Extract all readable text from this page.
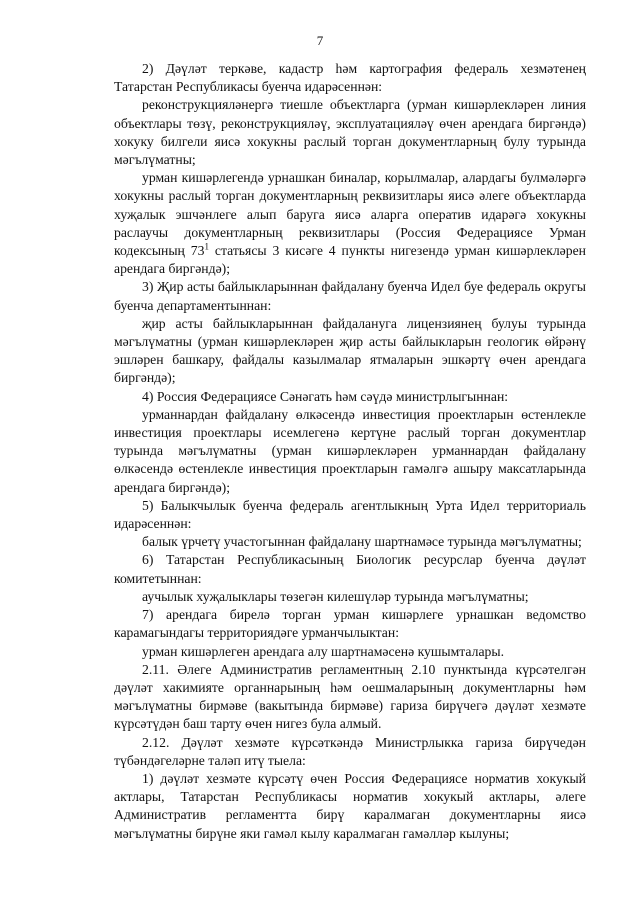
7

2) Дәүләт теркәве, кадастр һәм картография федераль хезмәтенең Татарстан Республикасы буенча идарәсеннән:

реконструкцияләнергә тиешле объектларга (урман кишәрлекләрен линия объектлары төзү, реконструкцияләү, эксплуатацияләү өчен арендага биргәндә) хокуку билгели яисә хокукны раслый торган документларның булу турында мәгълүматны;

урман кишәрлегендә урнашкан биналар, корылмалар, алардагы булмәләргә хокукны раслый торган документларның реквизитлары яисә әлеге объектларда хуҗалык эшчәнлеге алып баруга яисә аларга оператив идарәгә хокукны раслаучы документларның реквизитлары (Россия Федерациясе Урман кодексының $73^1$ статьясы 3 кисәге 4 пункты нигезендә урман кишәрлекләрен арендага биргәндә);

3) Җир асты байлыкларыннан файдалану буенча Идел буе федераль округы буенча департаментыннан:

җир асты байлыкларыннан файдалануга лицензиянең булуы турында мәгълүматны (урман кишәрлекләрен җир асты байлыкларын геологик өйрәнү эшләрен башкару, файдалы казылмалар ятмаларын эшкәртү өчен арендага биргәндә);

4) Россия Федерациясе Сәнәгать һәм сәүдә министрлыгыннан:

урманнардан файдалану өлкәсендә инвестиция проектларын өстенлекле инвестиция проектлары исемлегенә кертүне раслый торган документлар турында мәгълүматны (урман кишәрлекләрен урманнардан файдалану өлкәсендә өстенлекле инвестиция проектларын гамәлгә ашыру максатларында арендага биргәндә);

5) Балыкчылык буенча федераль агентлыкның Урта Идел территориаль идарәсеннән:

балык үрчетү участогыннан файдалану шартнамәсе турында мәгълүматны;

6) Татарстан Республикасының Биологик ресурслар буенча дәүләт комитетыннан:

аучылык хуҗалыклары төзегән килешүләр турында мәгълүматны;

7) арендага бирелә торган урман кишәрлеге урнашкан ведомство карамагындагы территориядәге урманчылыктан:

урман кишәрлеген арендага алу шартнамәсенә кушымталары.

2.11. Әлеге Административ регламентның 2.10 пунктында күрсәтелгән дәүләт хакимияте органнарының һәм оешмаларының документларны һәм мәгълүматны бирмәве (вакытында бирмәве) гариза бирүчегә дәүләт хезмәте күрсәтүдән баш тарту өчен нигез була алмый.

2.12. Дәүләт хезмәте күрсәткәндә Министрлыкка гариза бирүчедән түбәндәгеләрне таләп итү тыела:

1) дәүләт хезмәте күрсәтү өчен Россия Федерациясе норматив хокукый актлары, Татарстан Республикасы норматив хокукый актлары, әлеге Административ регламентта бирү каралмаган документларны яисә мәгълүматны бирүне яки гамәл кылу каралмаган гамәлләр кылуны;
